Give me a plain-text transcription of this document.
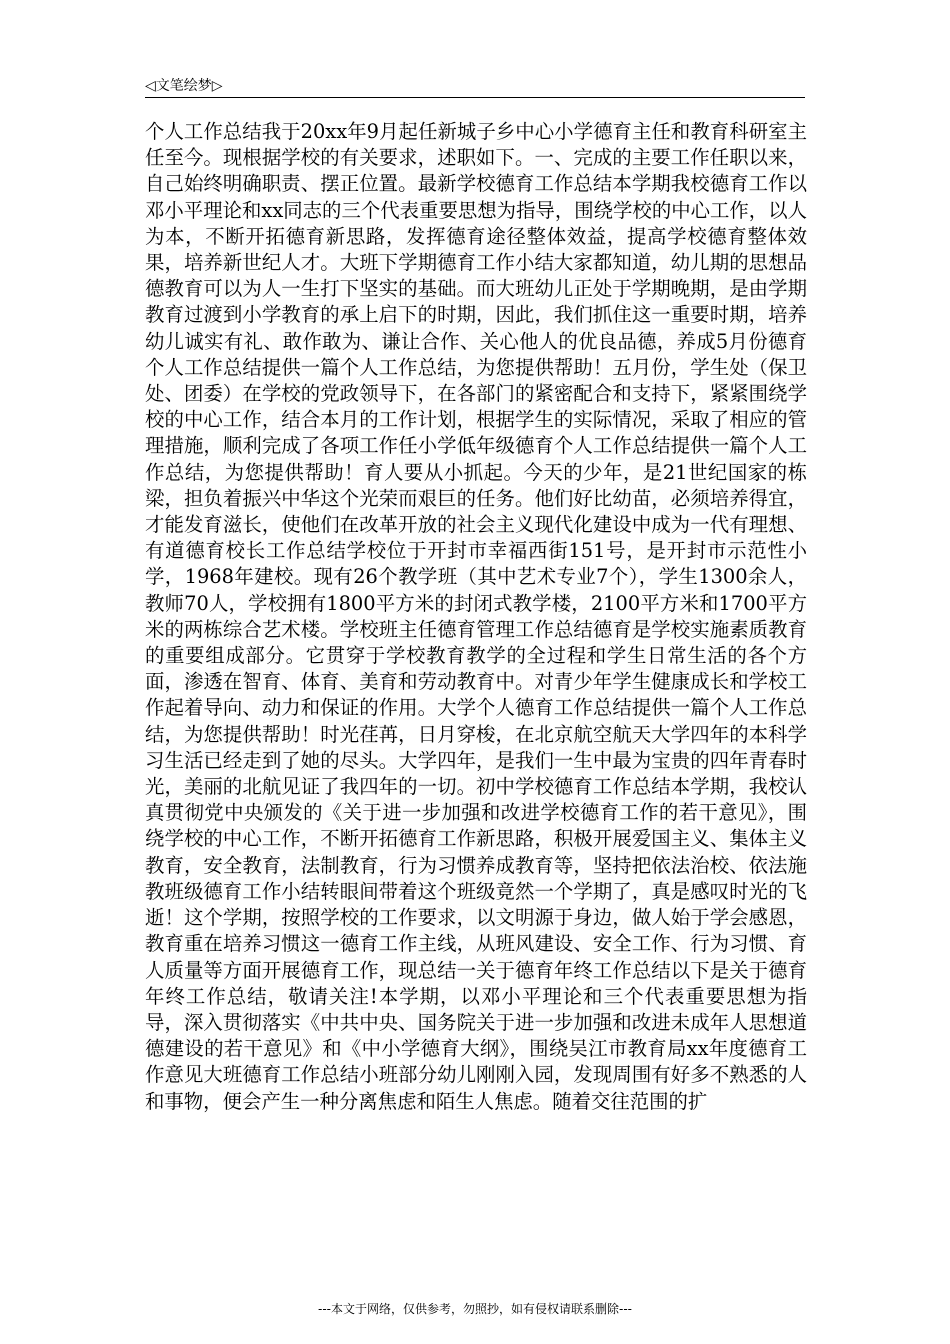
◁文笔绘梦▷

个人工作总结我于20xx年9月起任新城子乡中心小学德育主任和教育科研室主任至今。现根据学校的有关要求，述职如下。一、完成的主要工作任职以来，自己始终明确职责、摆正位置。最新学校德育工作总结本学期我校德育工作以邓小平理论和xx同志的三个代表重要思想为指导，围绕学校的中心工作，以人为本，不断开拓德育新思路，发挥德育途径整体效益，提高学校德育整体效果，培养新世纪人才。大班下学期德育工作小结大家都知道，幼儿期的思想品德教育可以为人一生打下坚实的基础。而大班幼儿正处于学期晚期，是由学期教育过渡到小学教育的承上启下的时期，因此，我们抓住这一重要时期，培养幼儿诚实有礼、敢作敢为、谦让合作、关心他人的优良品德，养成5月份德育个人工作总结提供一篇个人工作总结，为您提供帮助！五月份，学生处（保卫处、团委）在学校的党政领导下，在各部门的紧密配合和支持下，紧紧围绕学校的中心工作，结合本月的工作计划，根据学生的实际情况，采取了相应的管理措施，顺利完成了各项工作任小学低年级德育个人工作总结提供一篇个人工作总结，为您提供帮助！育人要从小抓起。今天的少年，是21世纪国家的栋梁，担负着振兴中华这个光荣而艰巨的任务。他们好比幼苗，必须培养得宜，才能发育滋长，使他们在改革开放的社会主义现代化建设中成为一代有理想、有道德育校长工作总结学校位于开封市幸福西街151号，是开封市示范性小学，1968年建校。现有26个教学班（其中艺术专业7个），学生1300余人，教师70人，学校拥有1800平方米的封闭式教学楼，2100平方米和1700平方米的两栋综合艺术楼。学校班主任德育管理工作总结德育是学校实施素质教育的重要组成部分。它贯穿于学校教育教学的全过程和学生日常生活的各个方面，渗透在智育、体育、美育和劳动教育中。对青少年学生健康成长和学校工作起着导向、动力和保证的作用。大学个人德育工作总结提供一篇个人工作总结，为您提供帮助！时光荏苒，日月穿梭，在北京航空航天大学四年的本科学习生活已经走到了她的尽头。大学四年，是我们一生中最为宝贵的四年青春时光，美丽的北航见证了我四年的一切。初中学校德育工作总结本学期，我校认真贯彻党中央颁发的《关于进一步加强和改进学校德育工作的若干意见》，围绕学校的中心工作，不断开拓德育工作新思路，积极开展爱国主义、集体主义教育，安全教育，法制教育，行为习惯养成教育等，坚持把依法治校、依法施教班级德育工作小结转眼间带着这个班级竟然一个学期了，真是感叹时光的飞逝！这个学期，按照学校的工作要求，以文明源于身边，做人始于学会感恩，教育重在培养习惯这一德育工作主线，从班风建设、安全工作、行为习惯、育人质量等方面开展德育工作，现总结一关于德育年终工作总结以下是关于德育年终工作总结，敬请关注!本学期，以邓小平理论和三个代表重要思想为指导，深入贯彻落实《中共中央、国务院关于进一步加强和改进未成年人思想道德建设的若干意见》和《中小学德育大纲》，围绕吴江市教育局xx年度德育工作意见大班德育工作总结小班部分幼儿刚刚入园，发现周围有好多不熟悉的人和事物，便会产生一种分离焦虑和陌生人焦虑。随着交往范围的扩

---本文于网络，仅供参考，勿照抄，如有侵权请联系删除---
